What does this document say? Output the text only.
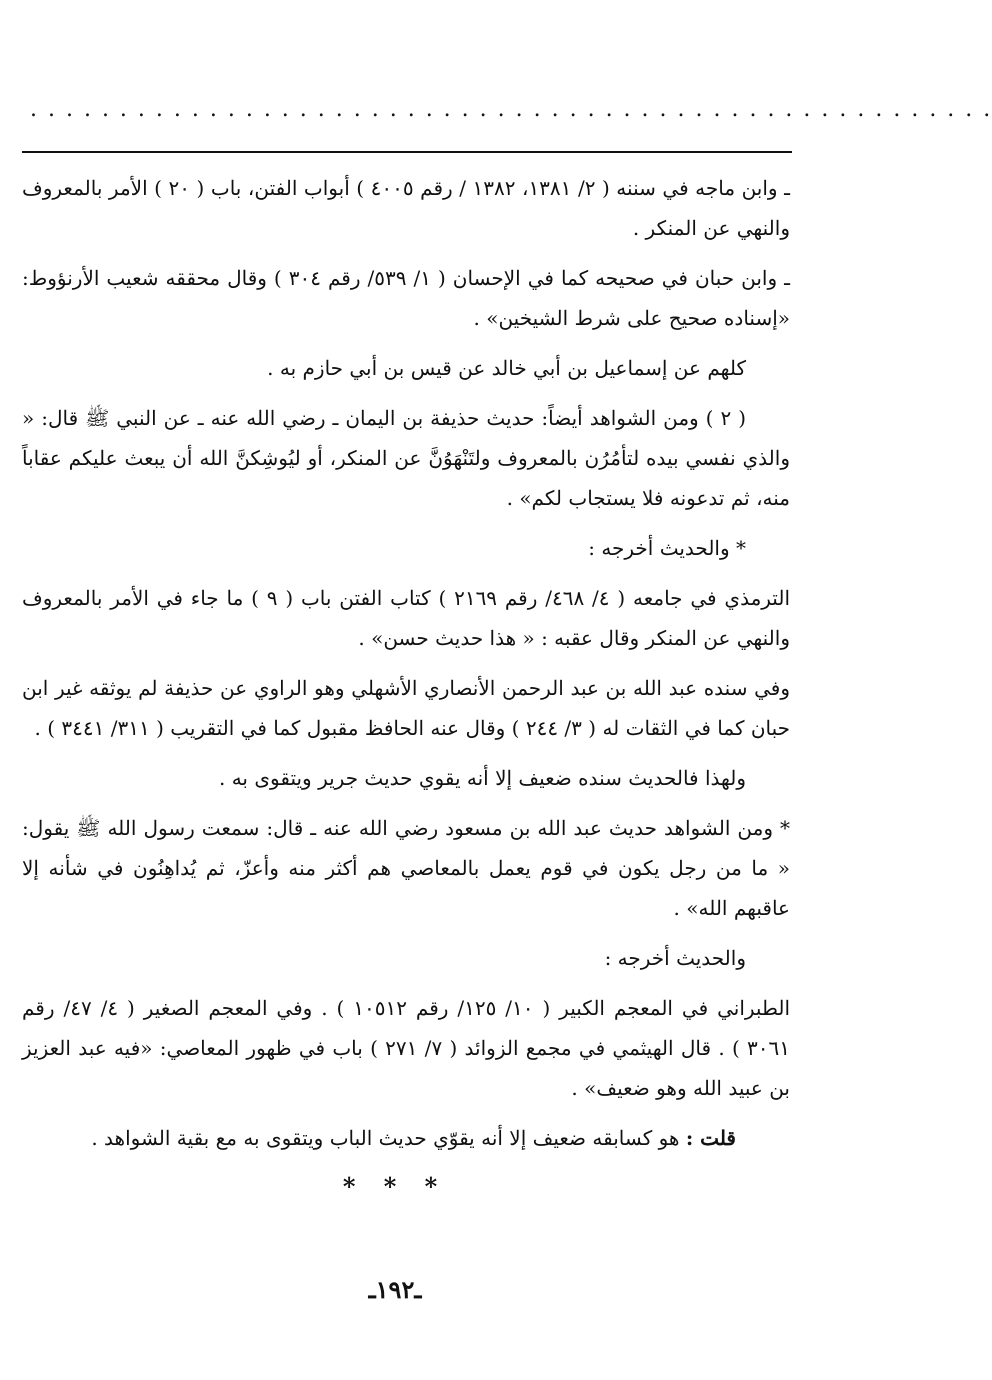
. . . . . . . . . . . . . . . . . . . . . . . . . . . . . . . . . . . . . . . . . . . . . . . . . . . . . .

ـ وابن ماجه في سننه ( ٢/ ١٣٨١، ١٣٨٢ / رقم ٤٠٠٥ ) أبواب الفتن، باب ( ٢٠ ) الأمر بالمعروف والنهي عن المنكر .

ـ وابن حبان في صحيحه كما في الإحسان ( ١/ ٥٣٩/ رقم ٣٠٤ ) وقال محققه شعيب الأرنؤوط: «إسناده صحيح على شرط الشيخين» .

كلهم عن إسماعيل بن أبي خالد عن قيس بن أبي حازم به .

( ٢ ) ومن الشواهد أيضاً: حديث حذيفة بن اليمان ـ رضي الله عنه ـ عن النبي ﷺ قال: « والذي نفسي بيده لتأمُرُن بالمعروف ولتَنْهَوُنَّ عن المنكر، أو ليُوشِكنَّ الله أن يبعث عليكم عقاباً منه، ثم تدعونه فلا يستجاب لكم» .

* والحديث أخرجه :

الترمذي في جامعه ( ٤/ ٤٦٨/ رقم ٢١٦٩ ) كتاب الفتن باب ( ٩ ) ما جاء في الأمر بالمعروف والنهي عن المنكر وقال عقبه : « هذا حديث حسن» .

وفي سنده عبد الله بن عبد الرحمن الأنصاري الأشهلي وهو الراوي عن حذيفة لم يوثقه غير ابن حبان كما في الثقات له ( ٣/ ٢٤٤ ) وقال عنه الحافظ مقبول كما في التقريب ( ٣١١/ ٣٤٤١ ) .

ولهذا فالحديث سنده ضعيف إلا أنه يقوي حديث جرير ويتقوى به .

* ومن الشواهد حديث عبد الله بن مسعود رضي الله عنه ـ قال: سمعت رسول الله ﷺ يقول: « ما من رجل يكون في قوم يعمل بالمعاصي هم أكثر منه وأعزّ، ثم يُداهِنُون في شأنه إلا عاقبهم الله» .

والحديث أخرجه :

الطبراني في المعجم الكبير ( ١٠/ ١٢٥/ رقم ١٠٥١٢ ) . وفي المعجم الصغير ( ٤/ ٤٧/ رقم ٣٠٦١ ) . قال الهيثمي في مجمع الزوائد ( ٧/ ٢٧١ ) باب في ظهور المعاصي: «فيه عبد العزيز بن عبيد الله وهو ضعيف» .

قلت : هو كسابقه ضعيف إلا أنه يقوّي حديث الباب ويتقوى به مع بقية الشواهد .

* * *
ـ١٩٢ـ
